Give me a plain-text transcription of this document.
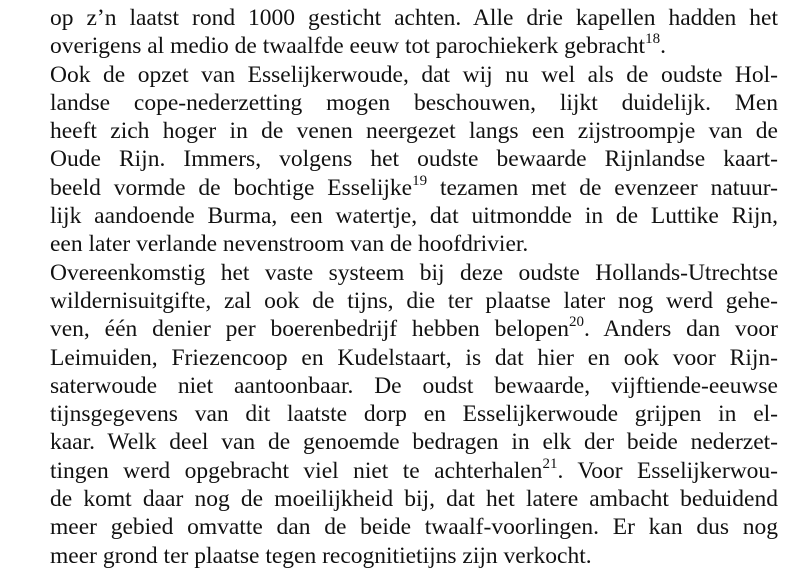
op z’n laatst rond 1000 gesticht achten. Alle drie kapellen hadden het
overigens al medio de twaalfde eeuw tot parochiekerk gebracht$^{18}$.
Ook de opzet van Esselijkerwoude, dat wij nu wel als de oudste Hol-
landse cope-nederzetting mogen beschouwen, lijkt duidelijk. Men
heeft zich hoger in de venen neergezet langs een zijstroompje van de
Oude Rijn. Immers, volgens het oudste bewaarde Rijnlandse kaart-
beeld vormde de bochtige Esselijke$^{19}$ tezamen met de evenzeer natuur-
lijk aandoende Burma, een watertje, dat uitmondde in de Luttike Rijn,
een later verlande nevenstroom van de hoofdrivier.
Overeenkomstig het vaste systeem bij deze oudste Hollands-Utrechtse
wildernisuitgifte, zal ook de tijns, die ter plaatse later nog werd gehe-
ven, één denier per boerenbedrijf hebben belopen$^{20}$. Anders dan voor
Leimuiden, Friezencoop en Kudelstaart, is dat hier en ook voor Rijn-
saterwoude niet aantoonbaar. De oudst bewaarde, vijftiende-eeuwse
tijnsgegevens van dit laatste dorp en Esselijkerwoude grijpen in el-
kaar. Welk deel van de genoemde bedragen in elk der beide nederzet-
tingen werd opgebracht viel niet te achterhalen$^{21}$. Voor Esselijkerwou-
de komt daar nog de moeilijkheid bij, dat het latere ambacht beduidend
meer gebied omvatte dan de beide twaalf-voorlingen. Er kan dus nog
meer grond ter plaatse tegen recognitietijns zijn verkocht.
